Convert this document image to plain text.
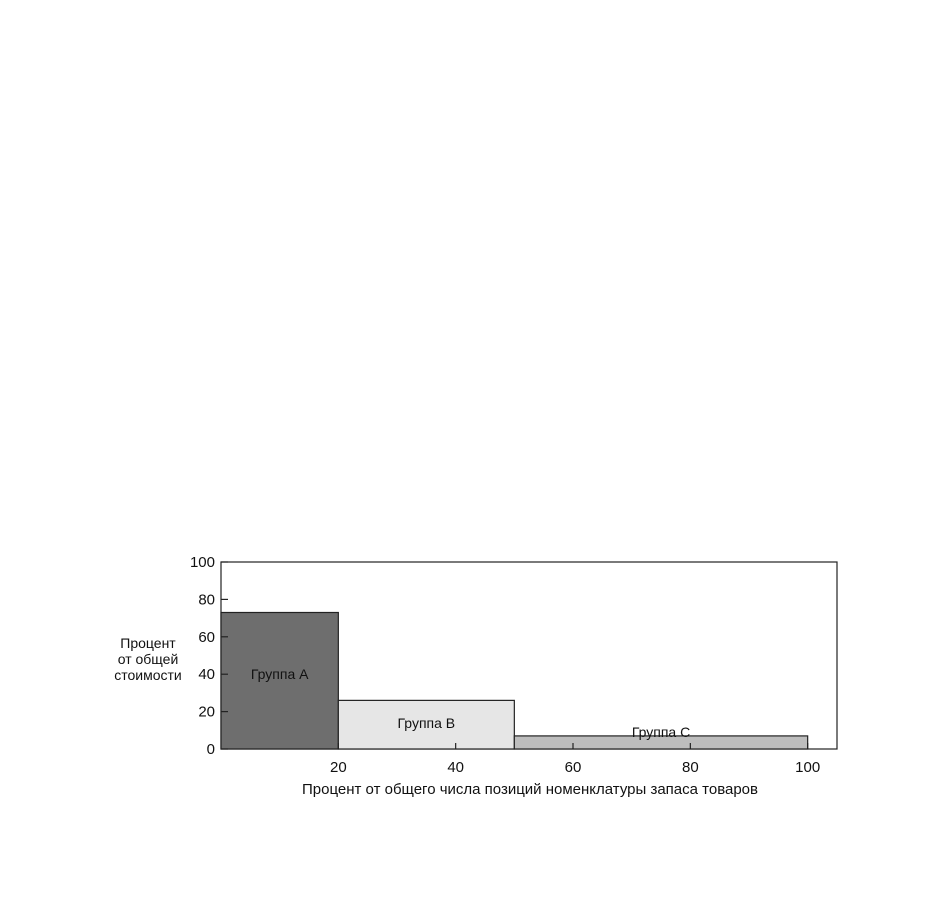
Группа А
Группа В
Группа С
0
20
40
60
80
100
20	40	60	80	100
Процент от общего числа позиций номенклатуры запаса товаров
Процент
от общей
стоимости
